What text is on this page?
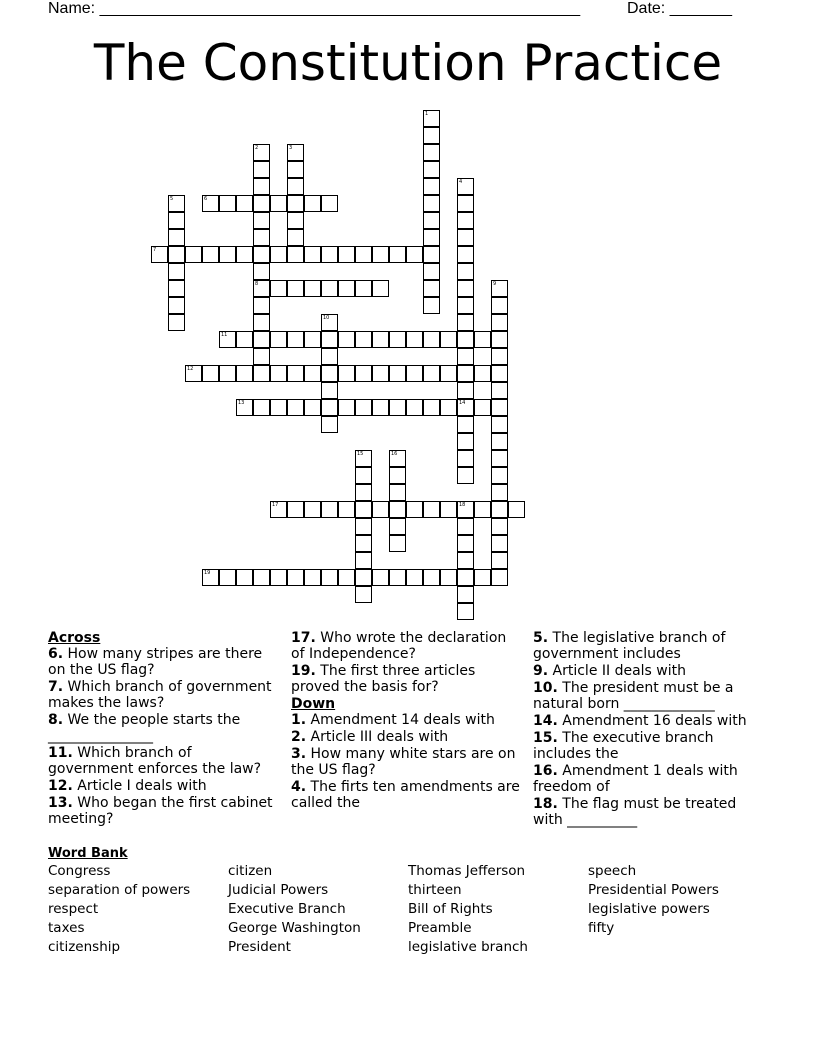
Name: ______________________________________________________	Date: _______
The Constitution Practice
1
2
8
3
4
14
5	6
7
9
10
11
12
13
15	16
17	18
19
Across
6. How many stripes are there on the US flag?
7. Which branch of government makes the laws?
8. We the people starts the _______________
11. Which branch of government enforces the law?
12. Article I deals with
13. Who began the first cabinet meeting?
17. Who wrote the declaration of Independence?
19. The first three articles proved the basis for?
Down
1. Amendment 14 deals with
2. Article III deals with
3. How many white stars are on the US flag?
4. The firts ten amendments are called the
5. The legislative branch of government includes
9. Article II deals with
10. The president must be a natural born _____________
14. Amendment 16 deals with
15. The executive branch includes the
16. Amendment 1 deals with freedom of
18. The flag must be treated with __________
Word Bank
Congress
separation of powers
respect
taxes
citizenship
citizen
Judicial Powers
Executive Branch
George Washington
President
Thomas Jefferson
thirteen
Bill of Rights
Preamble
legislative branch
speech
Presidential Powers
legislative powers
fifty
